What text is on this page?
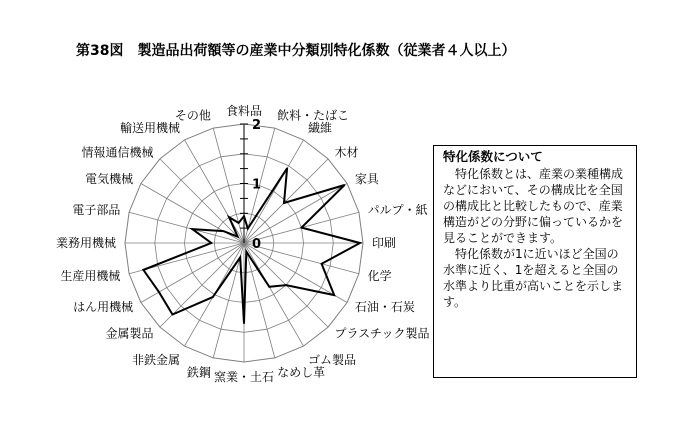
第38図　製造品出荷額等の産業中分類別特化係数（従業者４人以上）
0
1
2
食料品 飲料・たばこ
繊維
木材
家具
パルプ・紙
印刷
化学
石油・石炭
プラスチック製品
ゴム製品
なめし革
窯業・土石
鉄鋼
非鉄金属
金属製品
はん用機械
生産用機械
業務用機械
電子部品
電気機械
情報通信機械
輸送用機械
その他
特化係数について

特化係数とは、産業の業種構成などにおいて、その構成比を全国の構成比と比較したもので、産業構造がどの分野に偏っているかを見ることができます。

特化係数が1に近いほど全国の水準に近く、1を超えると全国の水準より比重が高いことを示します。
